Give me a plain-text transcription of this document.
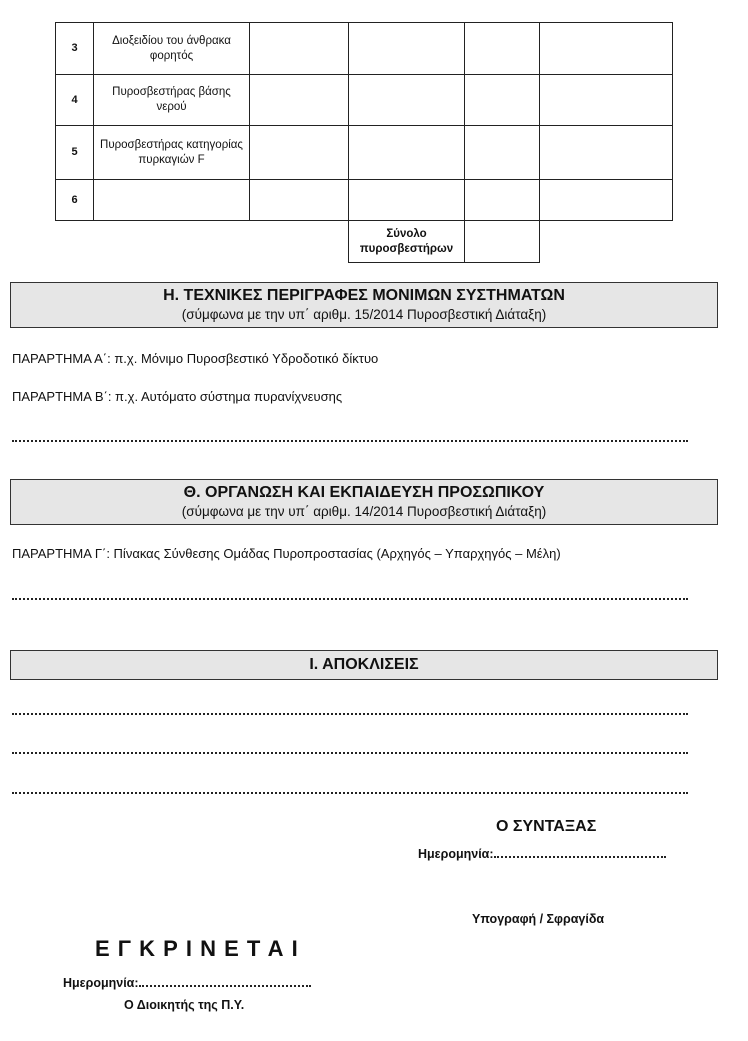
3	Διοξειδίου του άνθρακα φορητός				
4	Πυροσβεστήρας βάσης νερού				
5	Πυροσβεστήρας κατηγορίας πυρκαγιών F				
6					
			Σύνολο πυροσβεστήρων		
Η. ΤΕΧΝΙΚΕΣ ΠΕΡΙΓΡΑΦΕΣ ΜΟΝΙΜΩΝ ΣΥΣΤΗΜΑΤΩΝ
(σύμφωνα με την υπ΄ αριθμ. 15/2014 Πυροσβεστική Διάταξη)
ΠΑΡΑΡΤΗΜΑ Α΄: π.χ. Μόνιμο Πυροσβεστικό Υδροδοτικό δίκτυο
ΠΑΡΑΡΤΗΜΑ Β΄: π.χ. Αυτόματο σύστημα πυρανίχνευσης
Θ. ΟΡΓΑΝΩΣΗ ΚΑΙ ΕΚΠΑΙΔΕΥΣΗ ΠΡΟΣΩΠΙΚΟΥ
(σύμφωνα με την υπ΄ αριθμ. 14/2014 Πυροσβεστική Διάταξη)
ΠΑΡΑΡΤΗΜΑ Γ΄: Πίνακας Σύνθεσης Ομάδας Πυροπροστασίας (Αρχηγός – Υπαρχηγός – Μέλη)
Ι. ΑΠΟΚΛΙΣΕΙΣ
Ο ΣΥΝΤΑΞΑΣ
Ημερομηνία:
Υπογραφή / Σφραγίδα
Ε Γ Κ Ρ Ι Ν Ε Τ Α Ι
Ημερομηνία:
Ο Διοικητής της Π.Υ.
